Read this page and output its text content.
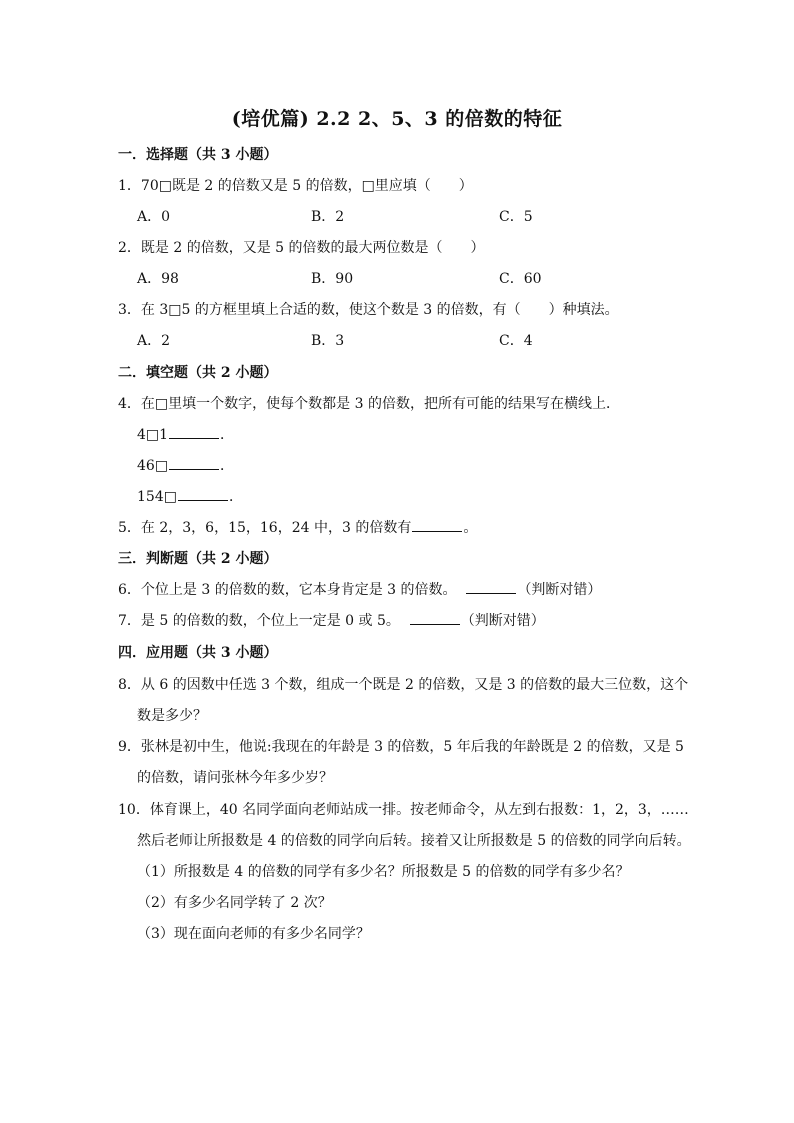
(培优篇) 2.2 2、5、3 的倍数的特征
一．选择题（共 3 小题）
1．70□既是 2 的倍数又是 5 的倍数，□里应填（　　）
A．0	B．2	C．5
2．既是 2 的倍数，又是 5 的倍数的最大两位数是（　　）
A．98	B．90	C．60
3．在 3□5 的方框里填上合适的数，使这个数是 3 的倍数，有（　　）种填法。
A．2	B．3	C．4
二．填空题（共 2 小题）
4．在□里填一个数字，使每个数都是 3 的倍数，把所有可能的结果写在横线上．
4□1	．
46□	．
154□	．
5．在 2，3，6，15，16，24 中，3 的倍数有	。
三．判断题（共 2 小题）
6．个位上是 3 的倍数的数，它本身肯定是 3 的倍数。	（判断对错）
7．是 5 的倍数的数，个位上一定是 0 或 5。	（判断对错）
四．应用题（共 3 小题）
8．从 6 的因数中任选 3 个数，组成一个既是 2 的倍数，又是 3 的倍数的最大三位数，这个
数是多少？
9．张林是初中生，他说:我现在的年龄是 3 的倍数，5 年后我的年龄既是 2 的倍数，又是 5
的倍数，请问张林今年多少岁？
10．体育课上，40 名同学面向老师站成一排。按老师命令，从左到右报数：1，2，3，……
然后老师让所报数是 4 的倍数的同学向后转。接着又让所报数是 5 的倍数的同学向后转。
（1）所报数是 4 的倍数的同学有多少名？所报数是 5 的倍数的同学有多少名？
（2）有多少名同学转了 2 次？
（3）现在面向老师的有多少名同学？
